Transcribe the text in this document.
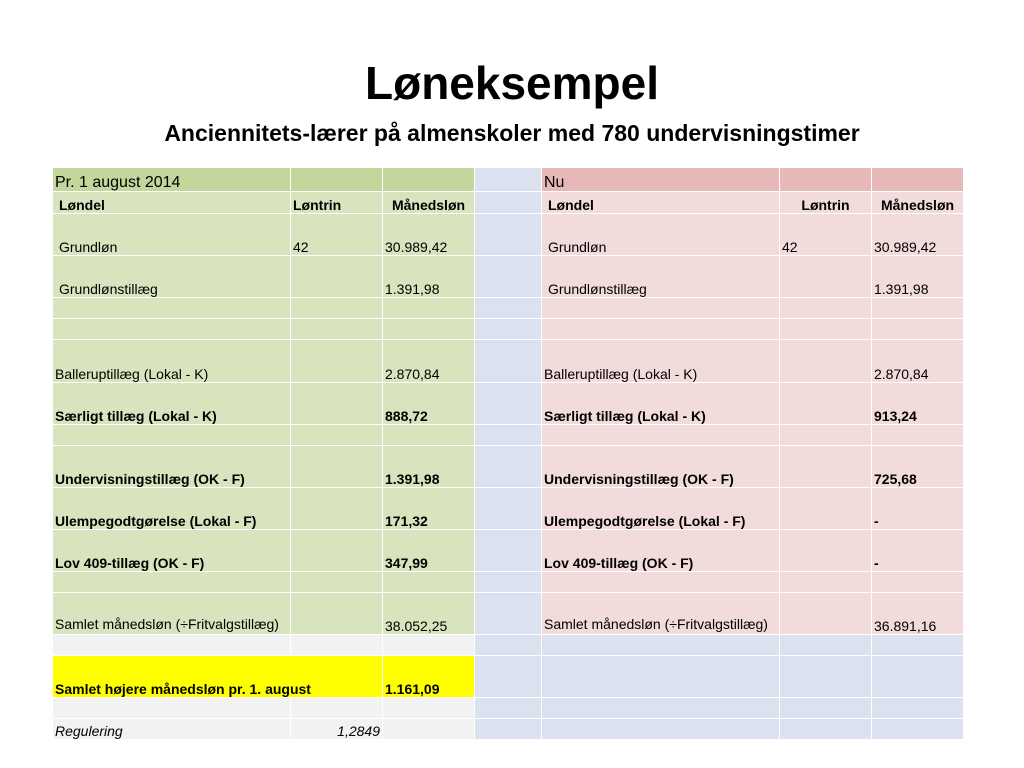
Løneksempel
Anciennitets-lærer på almenskoler med 780 undervisningstimer
Pr. 1 august 2014				Nu		
Løndel	Løntrin	Månedsløn		Løndel	Løntrin	Månedsløn
Grundløn	42	30.989,42		Grundløn	42	30.989,42
Grundlønstillæg		1.391,98		Grundlønstillæg		1.391,98

Balleruptillæg (Lokal - K)		2.870,84		Balleruptillæg (Lokal - K)		2.870,84
Særligt tillæg (Lokal - K)		888,72		Særligt tillæg (Lokal - K)		913,24

Undervisningstillæg (OK - F)		1.391,98		Undervisningstillæg (OK - F)		725,68
Ulempegodtgørelse (Lokal - F)		171,32		Ulempegodtgørelse (Lokal - F)		-
Lov 409-tillæg (OK - F)		347,99		Lov 409-tillæg (OK - F)		-

Samlet månedsløn (÷Fritvalgstillæg)		38.052,25		Samlet månedsløn (÷Fritvalgstillæg)		36.891,16

Samlet højere månedsløn pr. 1. august		1.161,09				

Regulering	1,2849					
